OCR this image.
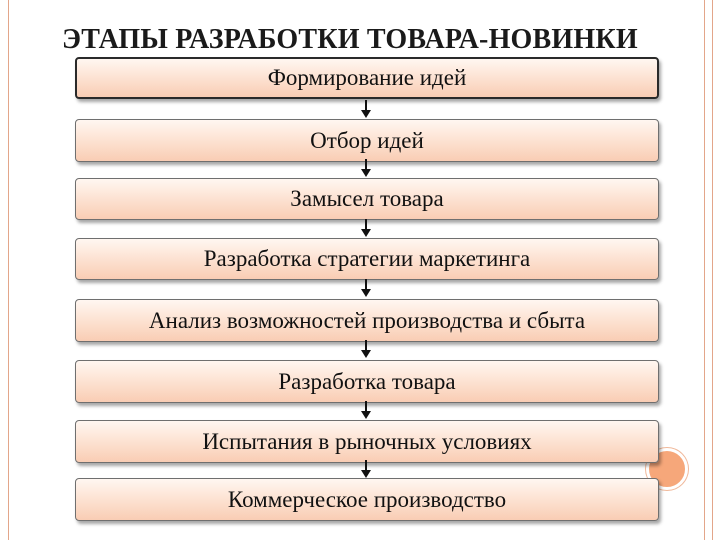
ЭТАПЫ РАЗРАБОТКИ ТОВАРА-НОВИНКИ
Формирование идей
Отбор идей
Замысел товара
Разработка стратегии маркетинга
Анализ возможностей производства и сбыта
Разработка товара
Испытания в рыночных условиях
Коммерческое производство
